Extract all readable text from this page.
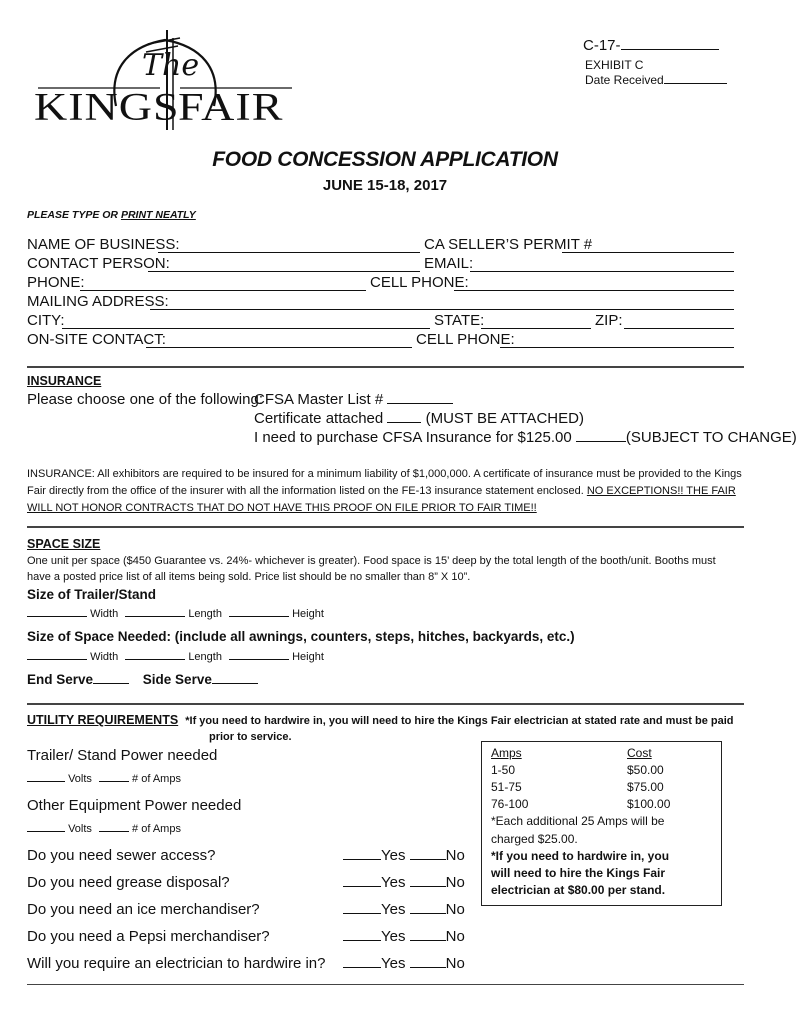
The
KINGS
FAIR
C-17-
EXHIBIT C
Date Received
FOOD CONCESSION APPLICATION
JUNE 15-18, 2017
PLEASE TYPE OR PRINT NEATLY
NAME OF BUSINESS:	CA SELLER’S PERMIT #
CONTACT PERSON:	EMAIL:
PHONE:	CELL PHONE:
MAILING ADDRESS:
CITY:	STATE:	ZIP:
ON-SITE CONTACT:	CELL PHONE:
INSURANCE
Please choose one of the following:
CFSA Master List #
Certificate attached	(MUST BE ATTACHED)
I need to purchase CFSA Insurance for $125.00	(SUBJECT TO CHANGE)
INSURANCE: All exhibitors are required to be insured for a minimum liability of $1,000,000. A certificate of insurance must be provided to the Kings Fair directly from the office of the insurer with all the information listed on the FE-13 insurance statement enclosed. NO EXCEPTIONS!! THE FAIR WILL NOT HONOR CONTRACTS THAT DO NOT HAVE THIS PROOF ON FILE PRIOR TO FAIR TIME!!
SPACE SIZE
One unit per space ($450 Guarantee vs. 24%- whichever is greater). Food space is 15’ deep by the total length of the booth/unit. Booths must have a posted price list of all items being sold. Price list should be no smaller than 8” X 10”.
Size of Trailer/Stand
Width	Length	Height
Size of Space Needed: (include all awnings, counters, steps, hitches, backyards, etc.)
Width	Length	Height
End Serve	Side Serve
UTILITY REQUIREMENTS *If you need to hardwire in, you will need to hire the Kings Fair electrician at stated rate and must be paid
prior to service.
Trailer/ Stand Power needed
Volts	# of Amps
Other Equipment Power needed
Volts	# of Amps
Do you need sewer access?	Yes	No
Do you need grease disposal?	Yes	No
Do you need an ice merchandiser?	Yes	No
Do you need a Pepsi merchandiser?	Yes	No
Will you require an electrician to hardwire in?	Yes	No
Amps	Cost
1-50	$50.00
51-75	$75.00
76-100	$100.00
*Each additional 25 Amps will be
charged $25.00.
*If you need to hardwire in, you
will need to hire the Kings Fair
electrician at $80.00 per stand.
